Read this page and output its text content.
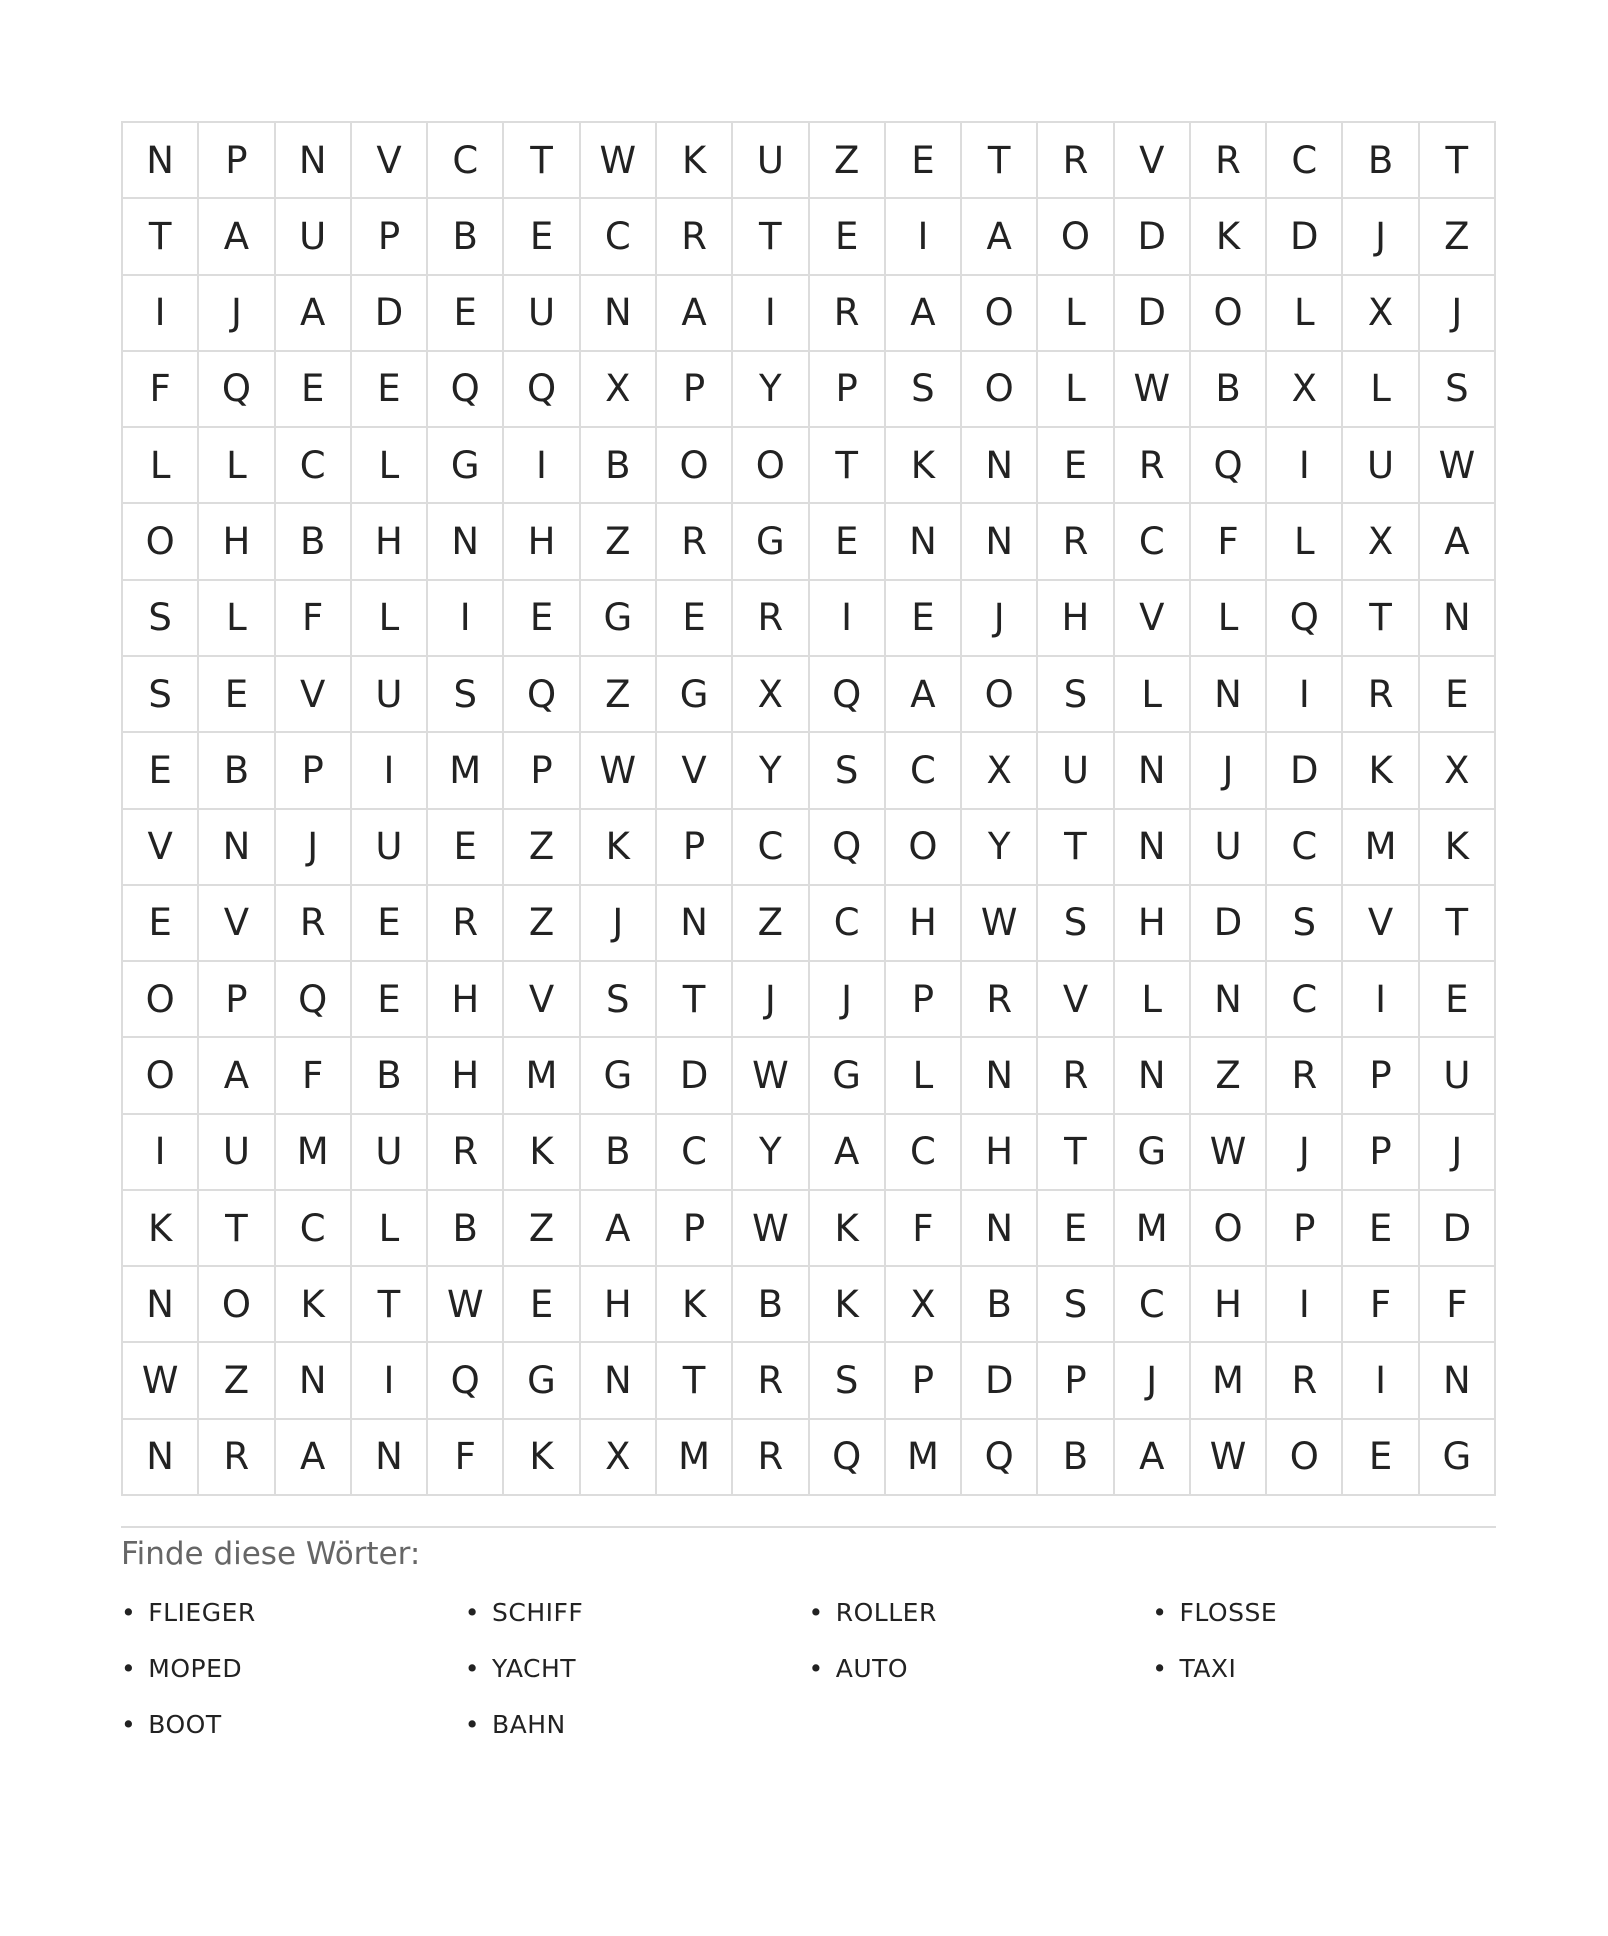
N	P	N	V	C	T	W	K	U	Z	E	T	R	V	R	C	B	T
T	A	U	P	B	E	C	R	T	E	I	A	O	D	K	D	J	Z
I	J	A	D	E	U	N	A	I	R	A	O	L	D	O	L	X	J
F	Q	E	E	Q	Q	X	P	Y	P	S	O	L	W	B	X	L	S
L	L	C	L	G	I	B	O	O	T	K	N	E	R	Q	I	U	W
O	H	B	H	N	H	Z	R	G	E	N	N	R	C	F	L	X	A
S	L	F	L	I	E	G	E	R	I	E	J	H	V	L	Q	T	N
S	E	V	U	S	Q	Z	G	X	Q	A	O	S	L	N	I	R	E
E	B	P	I	M	P	W	V	Y	S	C	X	U	N	J	D	K	X
V	N	J	U	E	Z	K	P	C	Q	O	Y	T	N	U	C	M	K
E	V	R	E	R	Z	J	N	Z	C	H	W	S	H	D	S	V	T
O	P	Q	E	H	V	S	T	J	J	P	R	V	L	N	C	I	E
O	A	F	B	H	M	G	D	W	G	L	N	R	N	Z	R	P	U
I	U	M	U	R	K	B	C	Y	A	C	H	T	G	W	J	P	J
K	T	C	L	B	Z	A	P	W	K	F	N	E	M	O	P	E	D
N	O	K	T	W	E	H	K	B	K	X	B	S	C	H	I	F	F
W	Z	N	I	Q	G	N	T	R	S	P	D	P	J	M	R	I	N
N	R	A	N	F	K	X	M	R	Q	M	Q	B	A	W	O	E	G
Finde diese Wörter:
• FLIEGER	• SCHIFF	• ROLLER	• FLOSSE
• MOPED	• YACHT	• AUTO	• TAXI
• BOOT	• BAHN
